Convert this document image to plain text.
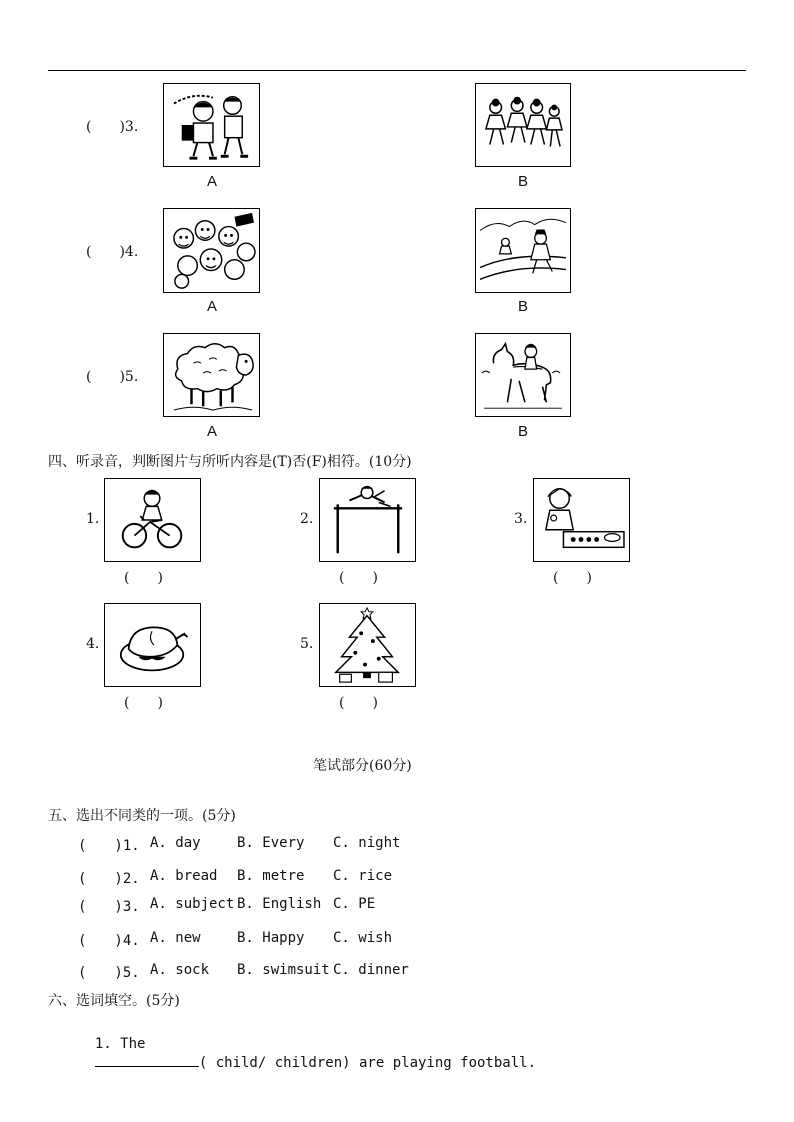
(　　)3.
A	B
(　　)4.
A	B
(　　)5.
A	B
四、听录音，判断图片与所听内容是(T)否(F)相符。(10分)
1.
(　　)
2.
(　　)
3.
(　　)
4.
(　　)
5.
(　　)
笔试部分(60分)
五、选出不同类的一项。(5分)
(　　)1. A. day	B. Every C. night
(　　)2. A. bread B. metre C. rice
(　　)3. A. subject B. English C. PE
(　　)4. A. new	B. Happy C. wish
(　　)5. A. sock B. swimsuit C. dinner
六、选词填空。(5分)

1. The
( child/ children) are playing football.
